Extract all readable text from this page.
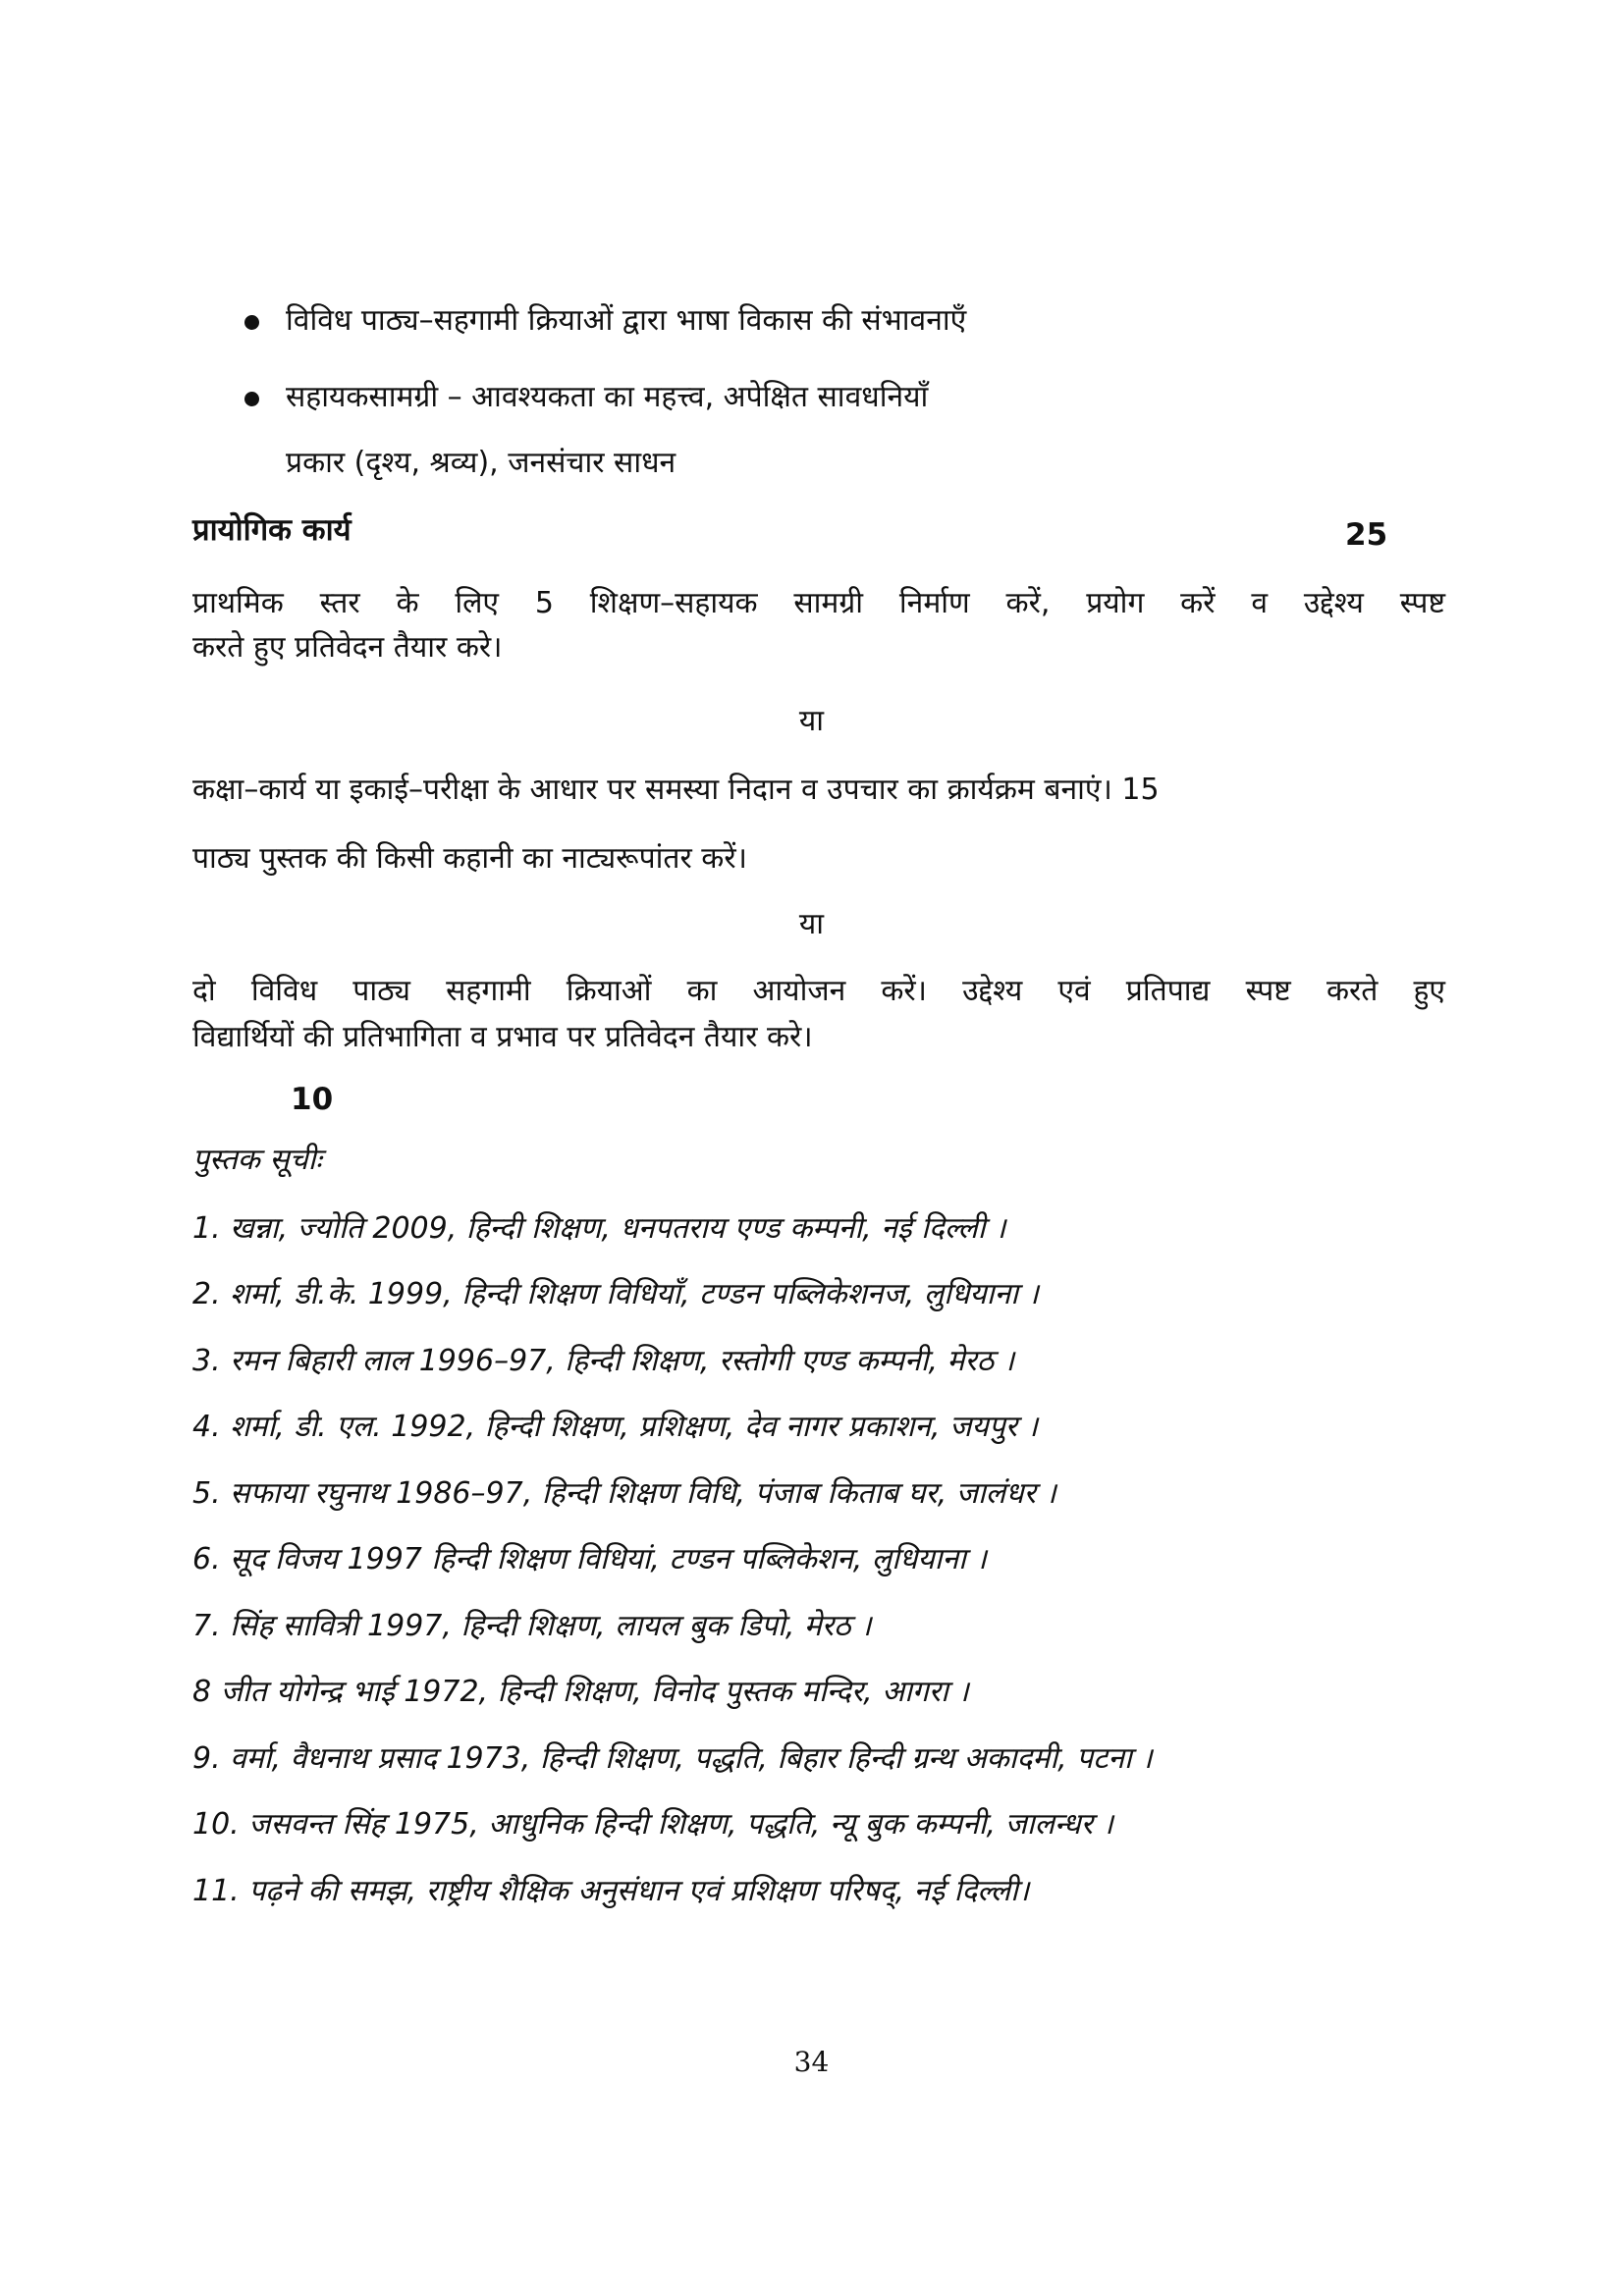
विविध पाठ्य–सहगामी क्रियाओं द्वारा भाषा विकास की संभावनाएँ
सहायकसामग्री – आवश्यकता का महत्त्व, अपेक्षित सावधनियाँ
प्रकार (दृश्य, श्रव्य), जनसंचार साधन
प्रायोगिक कार्य	25
प्राथमिक स्तर के लिए 5 शिक्षण–सहायक सामग्री निर्माण करें, प्रयोग करें व उद्देश्य स्पष्ट
करते हुए प्रतिवेदन तैयार करे।
या
कक्षा–कार्य या इकाई–परीक्षा के आधार पर समस्या निदान व उपचार का क्रार्यक्रम बनाएं। 15
पाठ्य पुस्तक की किसी कहानी का नाट्यरूपांतर करें।
या
दो विविध पाठ्य सहगामी क्रियाओं का आयोजन करें। उद्देश्य एवं प्रतिपाद्य स्पष्ट करते हुए
विद्यार्थियों की प्रतिभागिता व प्रभाव पर प्रतिवेदन तैयार करे।
10
पुस्तक सूचीः
1. खन्ना, ज्योति 2009, हिन्दी शिक्षण, धनपतराय एण्ड कम्पनी, नई दिल्ली ।
2. शर्मा, डी.के. 1999, हिन्दी शिक्षण विधियाँ, टण्डन पब्लिकेशनज, लुधियाना ।
3. रमन बिहारी लाल 1996–97, हिन्दी शिक्षण, रस्तोगी एण्ड कम्पनी, मेरठ ।
4. शर्मा, डी. एल. 1992, हिन्दी शिक्षण, प्रशिक्षण, देव नागर प्रकाशन, जयपुर ।
5. सफाया रघुनाथ 1986–97, हिन्दी शिक्षण विधि, पंजाब किताब घर, जालंधर ।
6. सूद विजय 1997 हिन्दी शिक्षण विधियां, टण्डन पब्लिकेशन, लुधियाना ।
7. सिंह सावित्री 1997, हिन्दी शिक्षण, लायल बुक डिपो, मेरठ ।
8 जीत योगेन्द्र भाई 1972, हिन्दी शिक्षण, विनोद पुस्तक मन्दिर, आगरा ।
9. वर्मा, वैधनाथ प्रसाद 1973, हिन्दी शिक्षण, पद्धति, बिहार हिन्दी ग्रन्थ अकादमी, पटना ।
10. जसवन्त सिंह 1975, आधुनिक हिन्दी शिक्षण, पद्धति, न्यू बुक कम्पनी, जालन्धर ।
11. पढ़ने की समझ, राष्ट्रीय शैक्षिक अनुसंधान एवं प्रशिक्षण परिषद्, नई दिल्ली।
34
